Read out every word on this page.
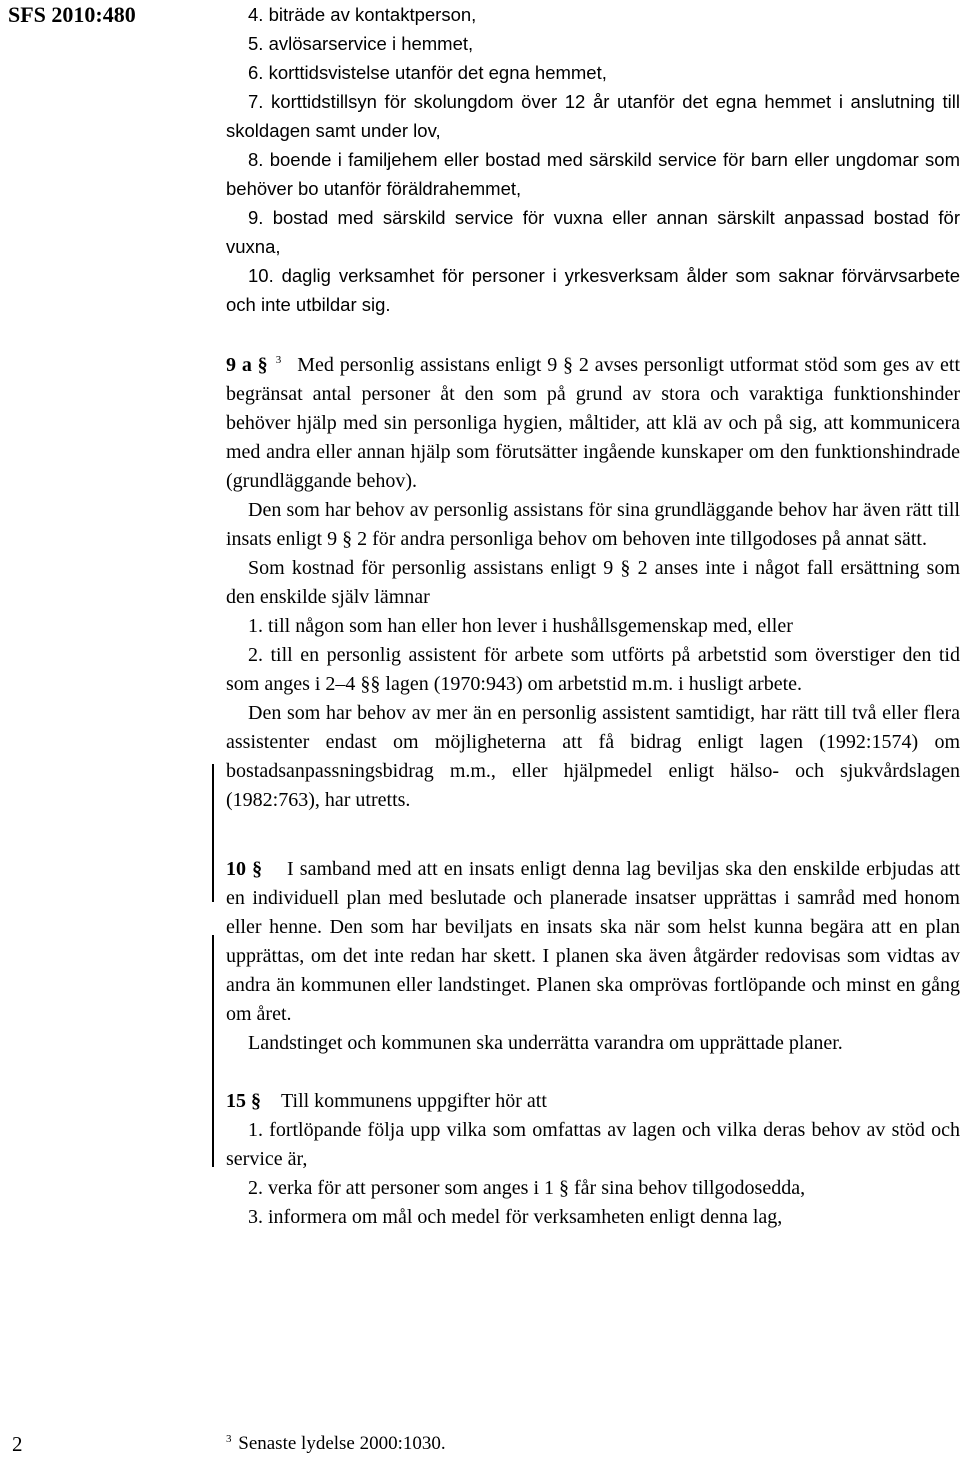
SFS 2010:480	4. biträde av kontaktperson,

5. avlösarservice i hemmet,

6. korttidsvistelse utanför det egna hemmet,

7. korttidstillsyn för skolungdom över 12 år utanför det egna hemmet i anslutning till skoldagen samt under lov,

8. boende i familjehem eller bostad med särskild service för barn eller ungdomar som behöver bo utanför föräldrahemmet,

9. bostad med särskild service för vuxna eller annan särskilt anpassad bostad för vuxna,

10. daglig verksamhet för personer i yrkesverksam ålder som saknar förvärvsarbete och inte utbildar sig.

9 a § $^3$ Med personlig assistans enligt 9 § 2 avses personligt utformat stöd som ges av ett begränsat antal personer åt den som på grund av stora och varaktiga funktionshinder behöver hjälp med sin personliga hygien, måltider, att klä av och på sig, att kommunicera med andra eller annan hjälp som förutsätter ingående kunskaper om den funktionshindrade (grundläggande behov).

Den som har behov av personlig assistans för sina grundläggande behov har även rätt till insats enligt 9 § 2 för andra personliga behov om behoven inte tillgodoses på annat sätt.

Som kostnad för personlig assistans enligt 9 § 2 anses inte i något fall ersättning som den enskilde själv lämnar

1. till någon som han eller hon lever i hushållsgemenskap med, eller

2. till en personlig assistent för arbete som utförts på arbetstid som överstiger den tid som anges i 2–4 §§ lagen (1970:943) om arbetstid m.m. i husligt arbete.

Den som har behov av mer än en personlig assistent samtidigt, har rätt till två eller flera assistenter endast om möjligheterna att få bidrag enligt lagen (1992:1574) om bostadsanpassningsbidrag m.m., eller hjälpmedel enligt hälso- och sjukvårdslagen (1982:763), har utretts.

10 § I samband med att en insats enligt denna lag beviljas ska den enskilde erbjudas att en individuell plan med beslutade och planerade insatser upprättas i samråd med honom eller henne. Den som har beviljats en insats ska när som helst kunna begära att en plan upprättas, om det inte redan har skett. I planen ska även åtgärder redovisas som vidtas av andra än kommunen eller landstinget. Planen ska omprövas fortlöpande och minst en gång om året.

Landstinget och kommunen ska underrätta varandra om upprättade planer.

15 § Till kommunens uppgifter hör att

1. fortlöpande följa upp vilka som omfattas av lagen och vilka deras behov av stöd och service är,

2. verka för att personer som anges i 1 § får sina behov tillgodosedda,

3. informera om mål och medel för verksamheten enligt denna lag,

$^3$ Senaste lydelse 2000:1030.
2
